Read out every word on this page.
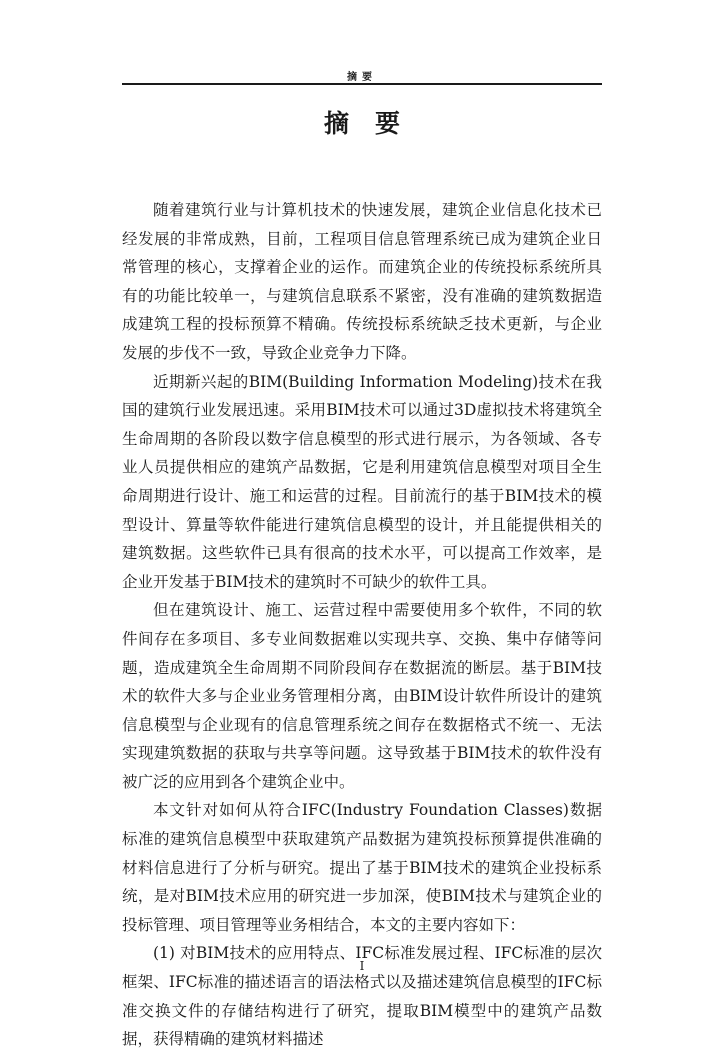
摘要
摘要

随着建筑行业与计算机技术的快速发展，建筑企业信息化技术已经发展的非常成熟，目前，工程项目信息管理系统已成为建筑企业日常管理的核心，支撑着企业的运作。而建筑企业的传统投标系统所具有的功能比较单一，与建筑信息联系不紧密，没有准确的建筑数据造成建筑工程的投标预算不精确。传统投标系统缺乏技术更新，与企业发展的步伐不一致，导致企业竞争力下降。

近期新兴起的BIM(Building Information Modeling)技术在我国的建筑行业发展迅速。采用BIM技术可以通过3D虚拟技术将建筑全生命周期的各阶段以数字信息模型的形式进行展示，为各领域、各专业人员提供相应的建筑产品数据，它是利用建筑信息模型对项目全生命周期进行设计、施工和运营的过程。目前流行的基于BIM技术的模型设计、算量等软件能进行建筑信息模型的设计，并且能提供相关的建筑数据。这些软件已具有很高的技术水平，可以提高工作效率，是企业开发基于BIM技术的建筑时不可缺少的软件工具。

但在建筑设计、施工、运营过程中需要使用多个软件，不同的软件间存在多项目、多专业间数据难以实现共享、交换、集中存储等问题，造成建筑全生命周期不同阶段间存在数据流的断层。基于BIM技术的软件大多与企业业务管理相分离，由BIM设计软件所设计的建筑信息模型与企业现有的信息管理系统之间存在数据格式不统一、无法实现建筑数据的获取与共享等问题。这导致基于BIM技术的软件没有被广泛的应用到各个建筑企业中。

本文针对如何从符合IFC(Industry Foundation Classes)数据标准的建筑信息模型中获取建筑产品数据为建筑投标预算提供准确的材料信息进行了分析与研究。提出了基于BIM技术的建筑企业投标系统，是对BIM技术应用的研究进一步加深，使BIM技术与建筑企业的投标管理、项目管理等业务相结合，本文的主要内容如下：

(1) 对BIM技术的应用特点、IFC标准发展过程、IFC标准的层次框架、IFC标准的描述语言的语法格式以及描述建筑信息模型的IFC标准交换文件的存储结构进行了研究，提取BIM模型中的建筑产品数据，获得精确的建筑材料描述

I
